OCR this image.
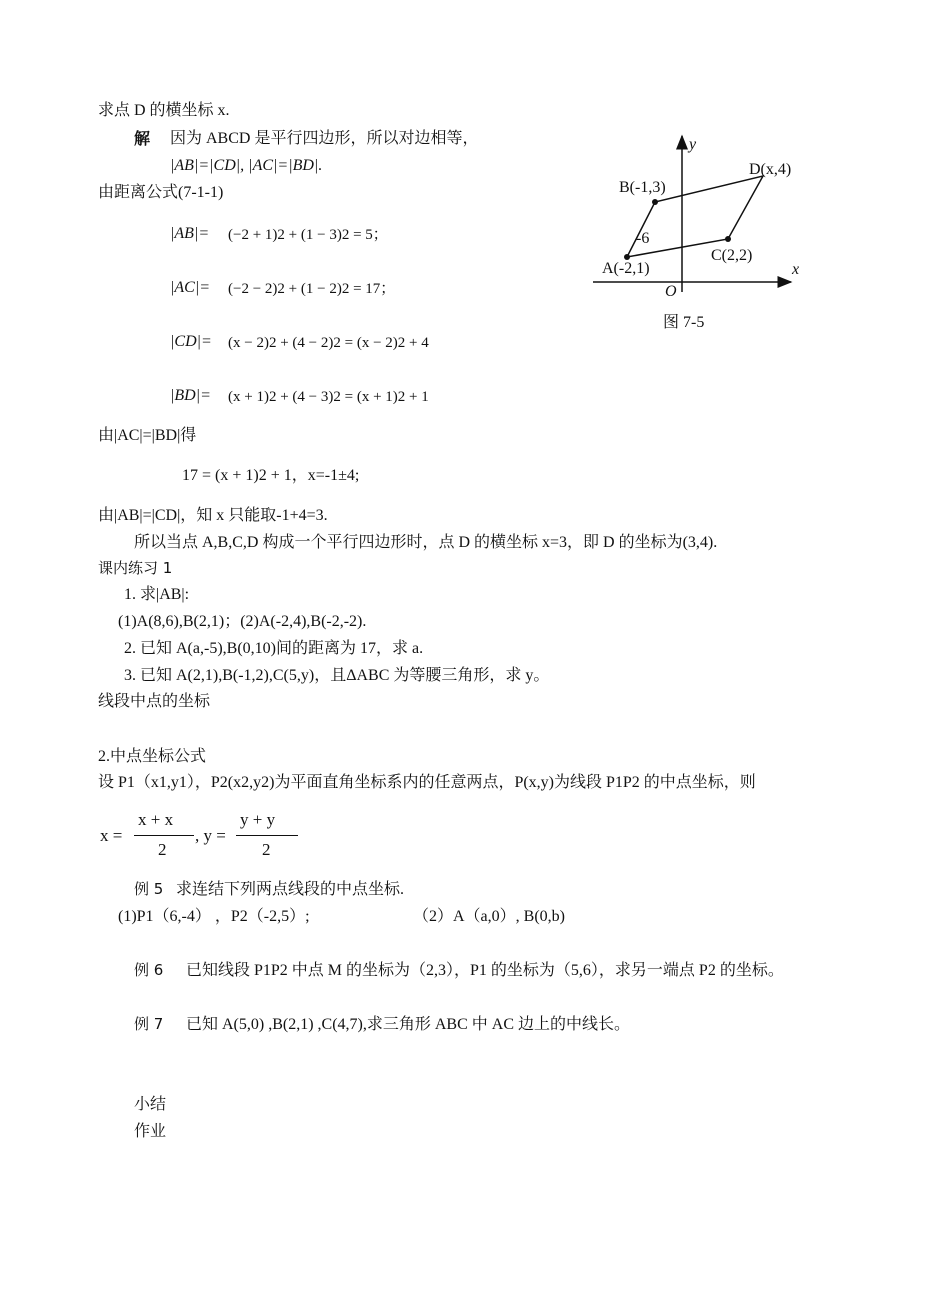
求点 D 的横坐标 x.
解 因为 ABCD 是平行四边形，所以对边相等，
|AB|=|CD|, |AC|=|BD|.
由距离公式(7-1-1)
|AB|= (−2 + 1)2 + (1 − 3)2 = 5；
|AC|= (−2 − 2)2 + (1 − 2)2 = 17；
|CD|= (x − 2)2 + (4 − 2)2 = (x − 2)2 + 4
|BD|= (x + 1)2 + (4 − 3)2 = (x + 1)2 + 1
由|AC|=|BD|得
17 = (x + 1)2 + 1，x=-1±4;
由|AB|=|CD|，知 x 只能取-1+4=3.
所以当点 A,B,C,D 构成一个平行四边形时，点 D 的横坐标 x=3，即 D 的坐标为(3,4).
课内练习 1
1. 求|AB|:
(1)A(8,6),B(2,1)；(2)A(-2,4),B(-2,-2).
2. 已知 A(a,-5),B(0,10)间的距离为 17，求 a.
3. 已知 A(2,1),B(-1,2),C(5,y)，且ΔABC 为等腰三角形，求 y。
线段中点的坐标
2.中点坐标公式
设 P1（x1,y1），P2(x2,y2)为平面直角坐标系内的任意两点，P(x,y)为线段 P1P2 的中点坐标，则
x =
x + x
2
, y =
y + y
2
例 5 求连结下列两点线段的中点坐标.
(1)P1（6,-4） ，P2（-2,5）;	（2）A（a,0）, B(0,b)
例 6 已知线段 P1P2 中点 M 的坐标为（2,3），P1 的坐标为（5,6），求另一端点 P2 的坐标。
例 7 已知 A(5,0) ,B(2,1) ,C(4,7),求三角形 ABC 中 AC 边上的中线长。
小结
作业
y
x
O
A(-2,1)
B(-1,3)
C(2,2)
D(x,4)
-6
图 7-5
